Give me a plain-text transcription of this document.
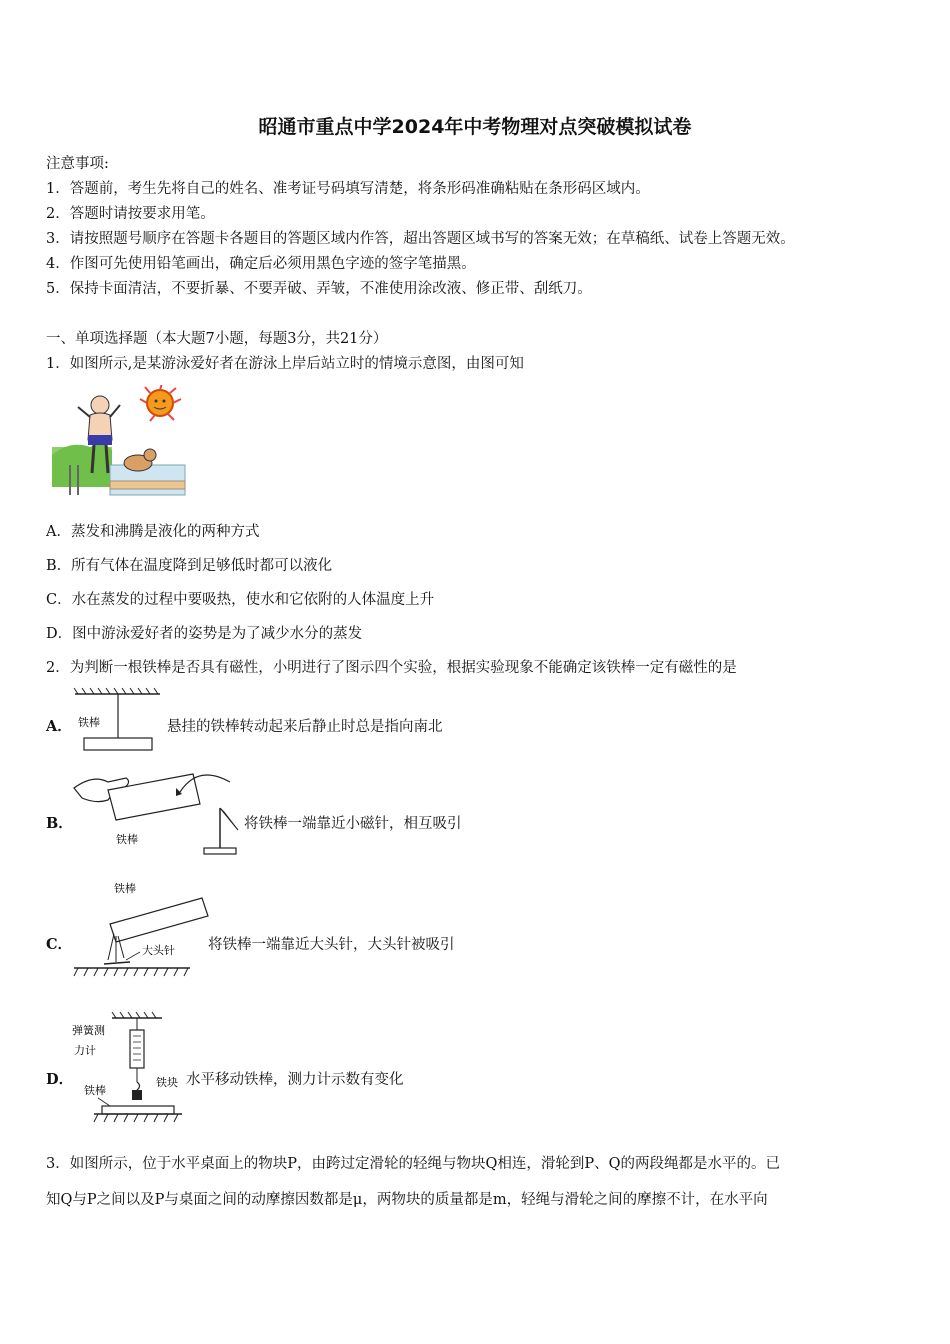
昭通市重点中学2024年中考物理对点突破模拟试卷
注意事项:
1．答题前，考生先将自己的姓名、准考证号码填写清楚，将条形码准确粘贴在条形码区域内。
2．答题时请按要求用笔。
3．请按照题号顺序在答题卡各题目的答题区域内作答，超出答题区域书写的答案无效；在草稿纸、试卷上答题无效。
4．作图可先使用铅笔画出，确定后必须用黑色字迹的签字笔描黑。
5．保持卡面清洁，不要折暴、不要弄破、弄皱，不准使用涂改液、修正带、刮纸刀。
一、单项选择题（本大题7小题，每题3分，共21分）
1．如图所示,是某游泳爱好者在游泳上岸后站立时的情境示意图，由图可知
A．蒸发和沸腾是液化的两种方式
B．所有气体在温度降到足够低时都可以液化
C．水在蒸发的过程中要吸热，使水和它依附的人体温度上升
D．图中游泳爱好者的姿势是为了减少水分的蒸发
2．为判断一根铁棒是否具有磁性，小明进行了图示四个实验，根据实验现象不能确定该铁棒一定有磁性的是
A． 铁棒	悬挂的铁棒转动起来后静止时总是指向南北
B．
铁棒
将铁棒一端靠近小磁针，相互吸引
C．
铁棒
大头针 将铁棒一端靠近大头针，大头针被吸引
D．
弹簧测
力计
铁块
铁棒
水平移动铁棒，测力计示数有变化
3．如图所示，位于水平桌面上的物块P，由跨过定滑轮的轻绳与物块Q相连，滑轮到P、Q的两段绳都是水平的。已
知Q与P之间以及P与桌面之间的动摩擦因数都是μ，两物块的质量都是m，轻绳与滑轮之间的摩擦不计，在水平向
